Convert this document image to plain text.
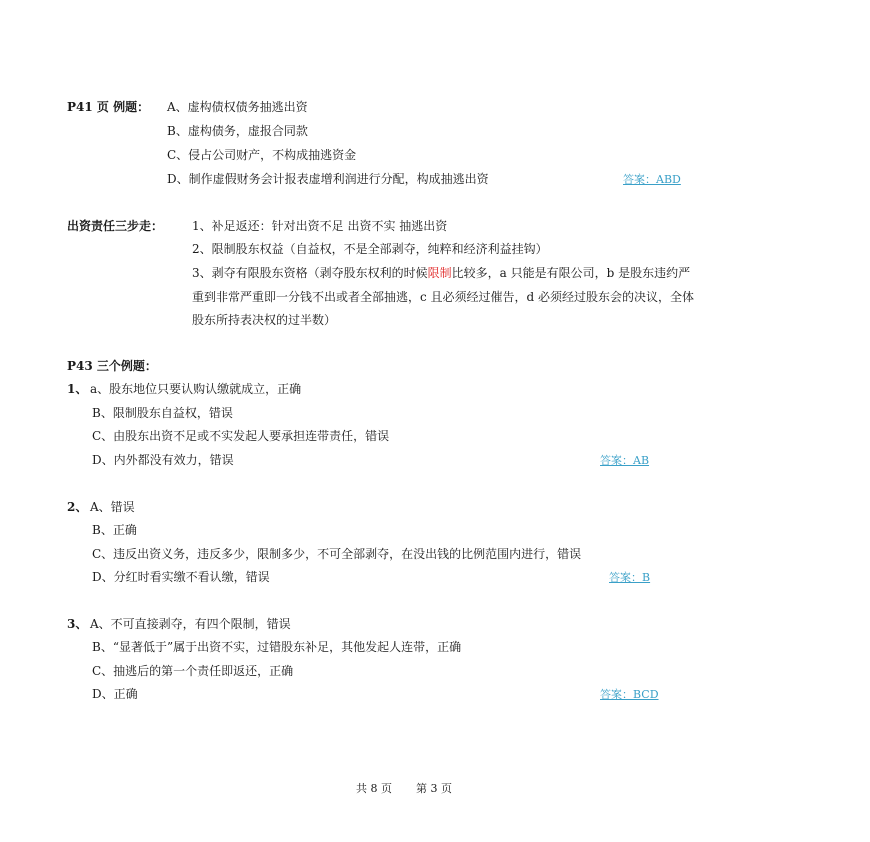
P41 页 例题： A、虚构债权债务抽逃出资
B、虚构债务，虚报合同款
C、侵占公司财产，不构成抽逃资金
D、制作虚假财务会计报表虚增利润进行分配，构成抽逃出资	答案：ABD
出资责任三步走： 1、补足返还：针对出资不足 出资不实 抽逃出资
2、限制股东权益（自益权，不是全部剥夺，纯粹和经济利益挂钩）
3、剥夺有限股东资格（剥夺股东权利的时候限制比较多，a 只能是有限公司，b 是股东违约严
重到非常严重即一分钱不出或者全部抽逃，c 且必须经过催告，d 必须经过股东会的决议，全体
股东所持表决权的过半数）
P43 三个例题：
1、 a、股东地位只要认购认缴就成立，正确
B、限制股东自益权，错误
C、由股东出资不足或不实发起人要承担连带责任，错误
D、内外都没有效力，错误	答案：AB
2、 A、错误
B、正确
C、违反出资义务，违反多少，限制多少，不可全部剥夺，在没出钱的比例范围内进行，错误
D、分红时看实缴不看认缴，错误	答案：B
3、 A、不可直接剥夺，有四个限制，错误
B、“显著低于”属于出资不实，过错股东补足，其他发起人连带，正确
C、抽逃后的第一个责任即返还，正确
D、正确	答案：BCD
共 8 页 第 3 页
